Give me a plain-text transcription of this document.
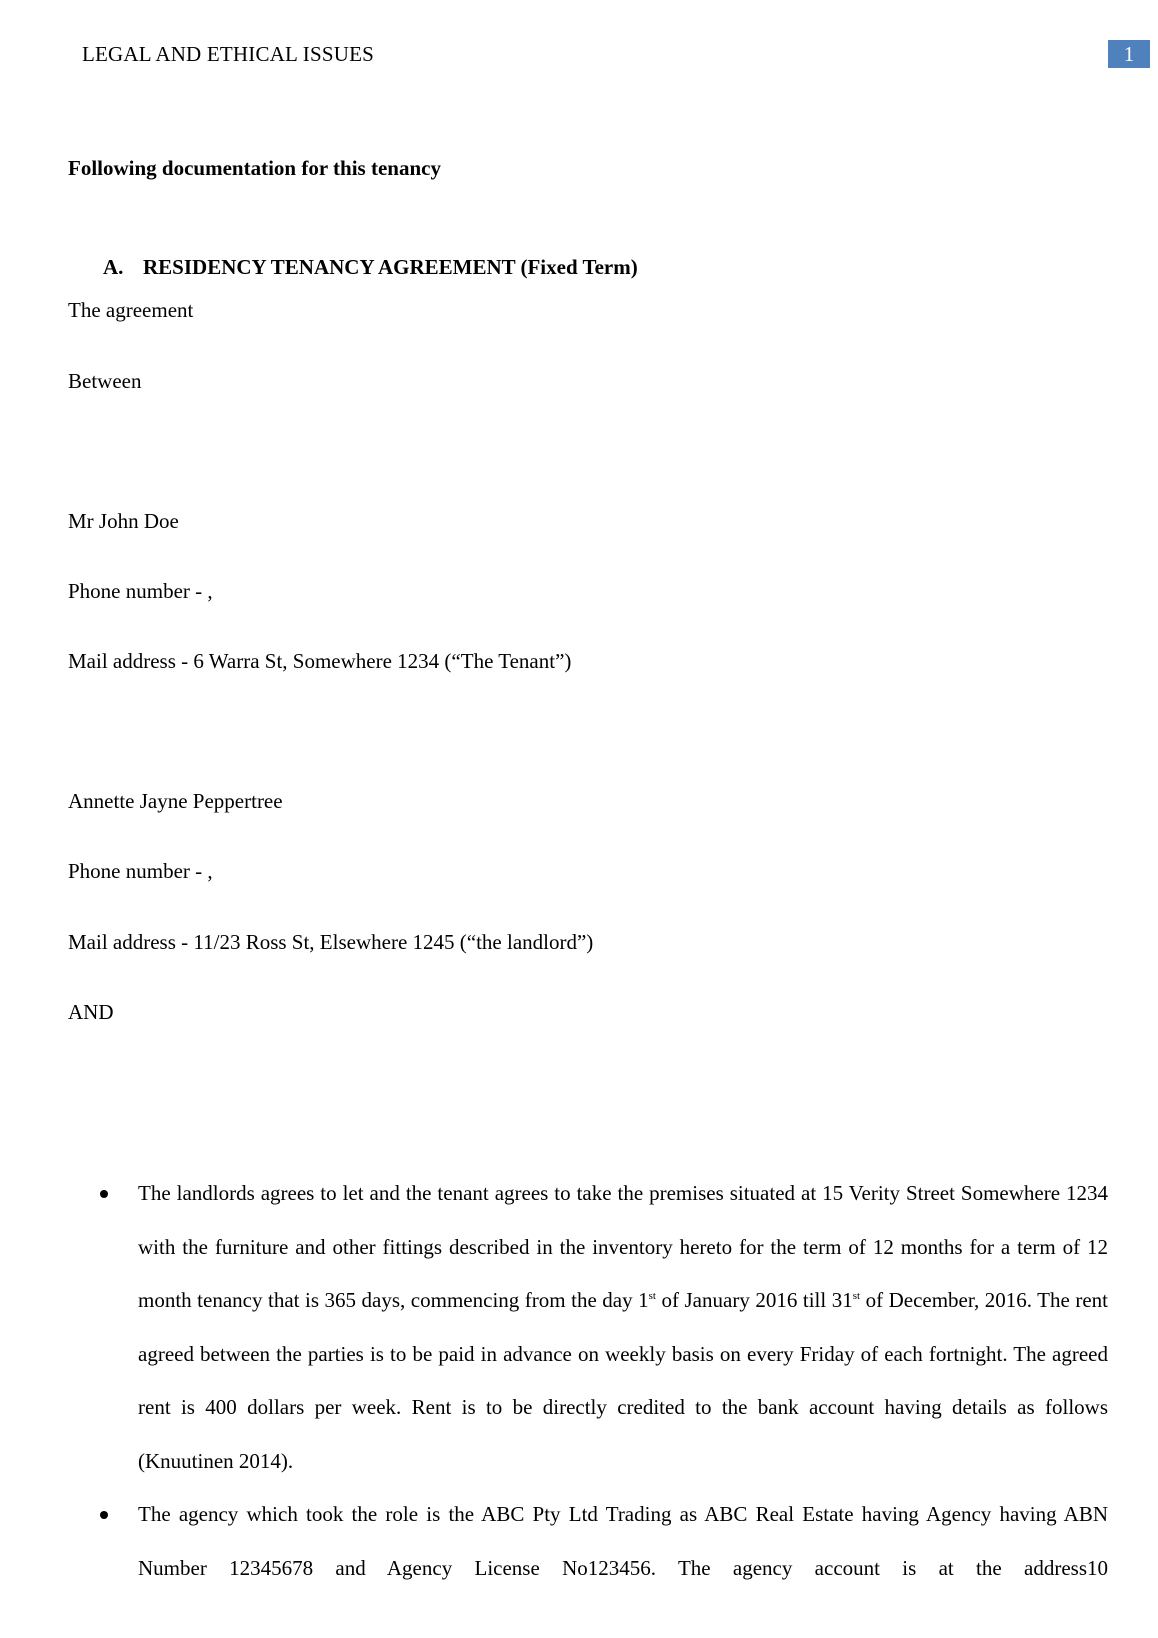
LEGAL AND ETHICAL ISSUES	1
Following documentation for this tenancy
A. RESIDENCY TENANCY AGREEMENT (Fixed Term)
The agreement
Between
Mr John Doe
Phone number - ,
Mail address - 6 Warra St, Somewhere 1234 (“The Tenant”)
Annette Jayne Peppertree
Phone number - ,
Mail address - 11/23 Ross St, Elsewhere 1245 (“the landlord”)
AND

The landlords agrees to let and the tenant agrees to take the premises situated at 15 Verity Street Somewhere 1234 with the furniture and other fittings described in the inventory hereto for the term of 12 months for a term of 12 month tenancy that is 365 days, commencing from the day 1st of January 2016 till 31st of December, 2016. The rent agreed between the parties is to be paid in advance on weekly basis on every Friday of each fortnight. The agreed rent is 400 dollars per week. Rent is to be directly credited to the bank account having details as follows (Knuutinen 2014).

The agency which took the role is the ABC Pty Ltd Trading as ABC Real Estate having Agency having ABN Number 12345678 and Agency License No123456. The agency account is at the address10
